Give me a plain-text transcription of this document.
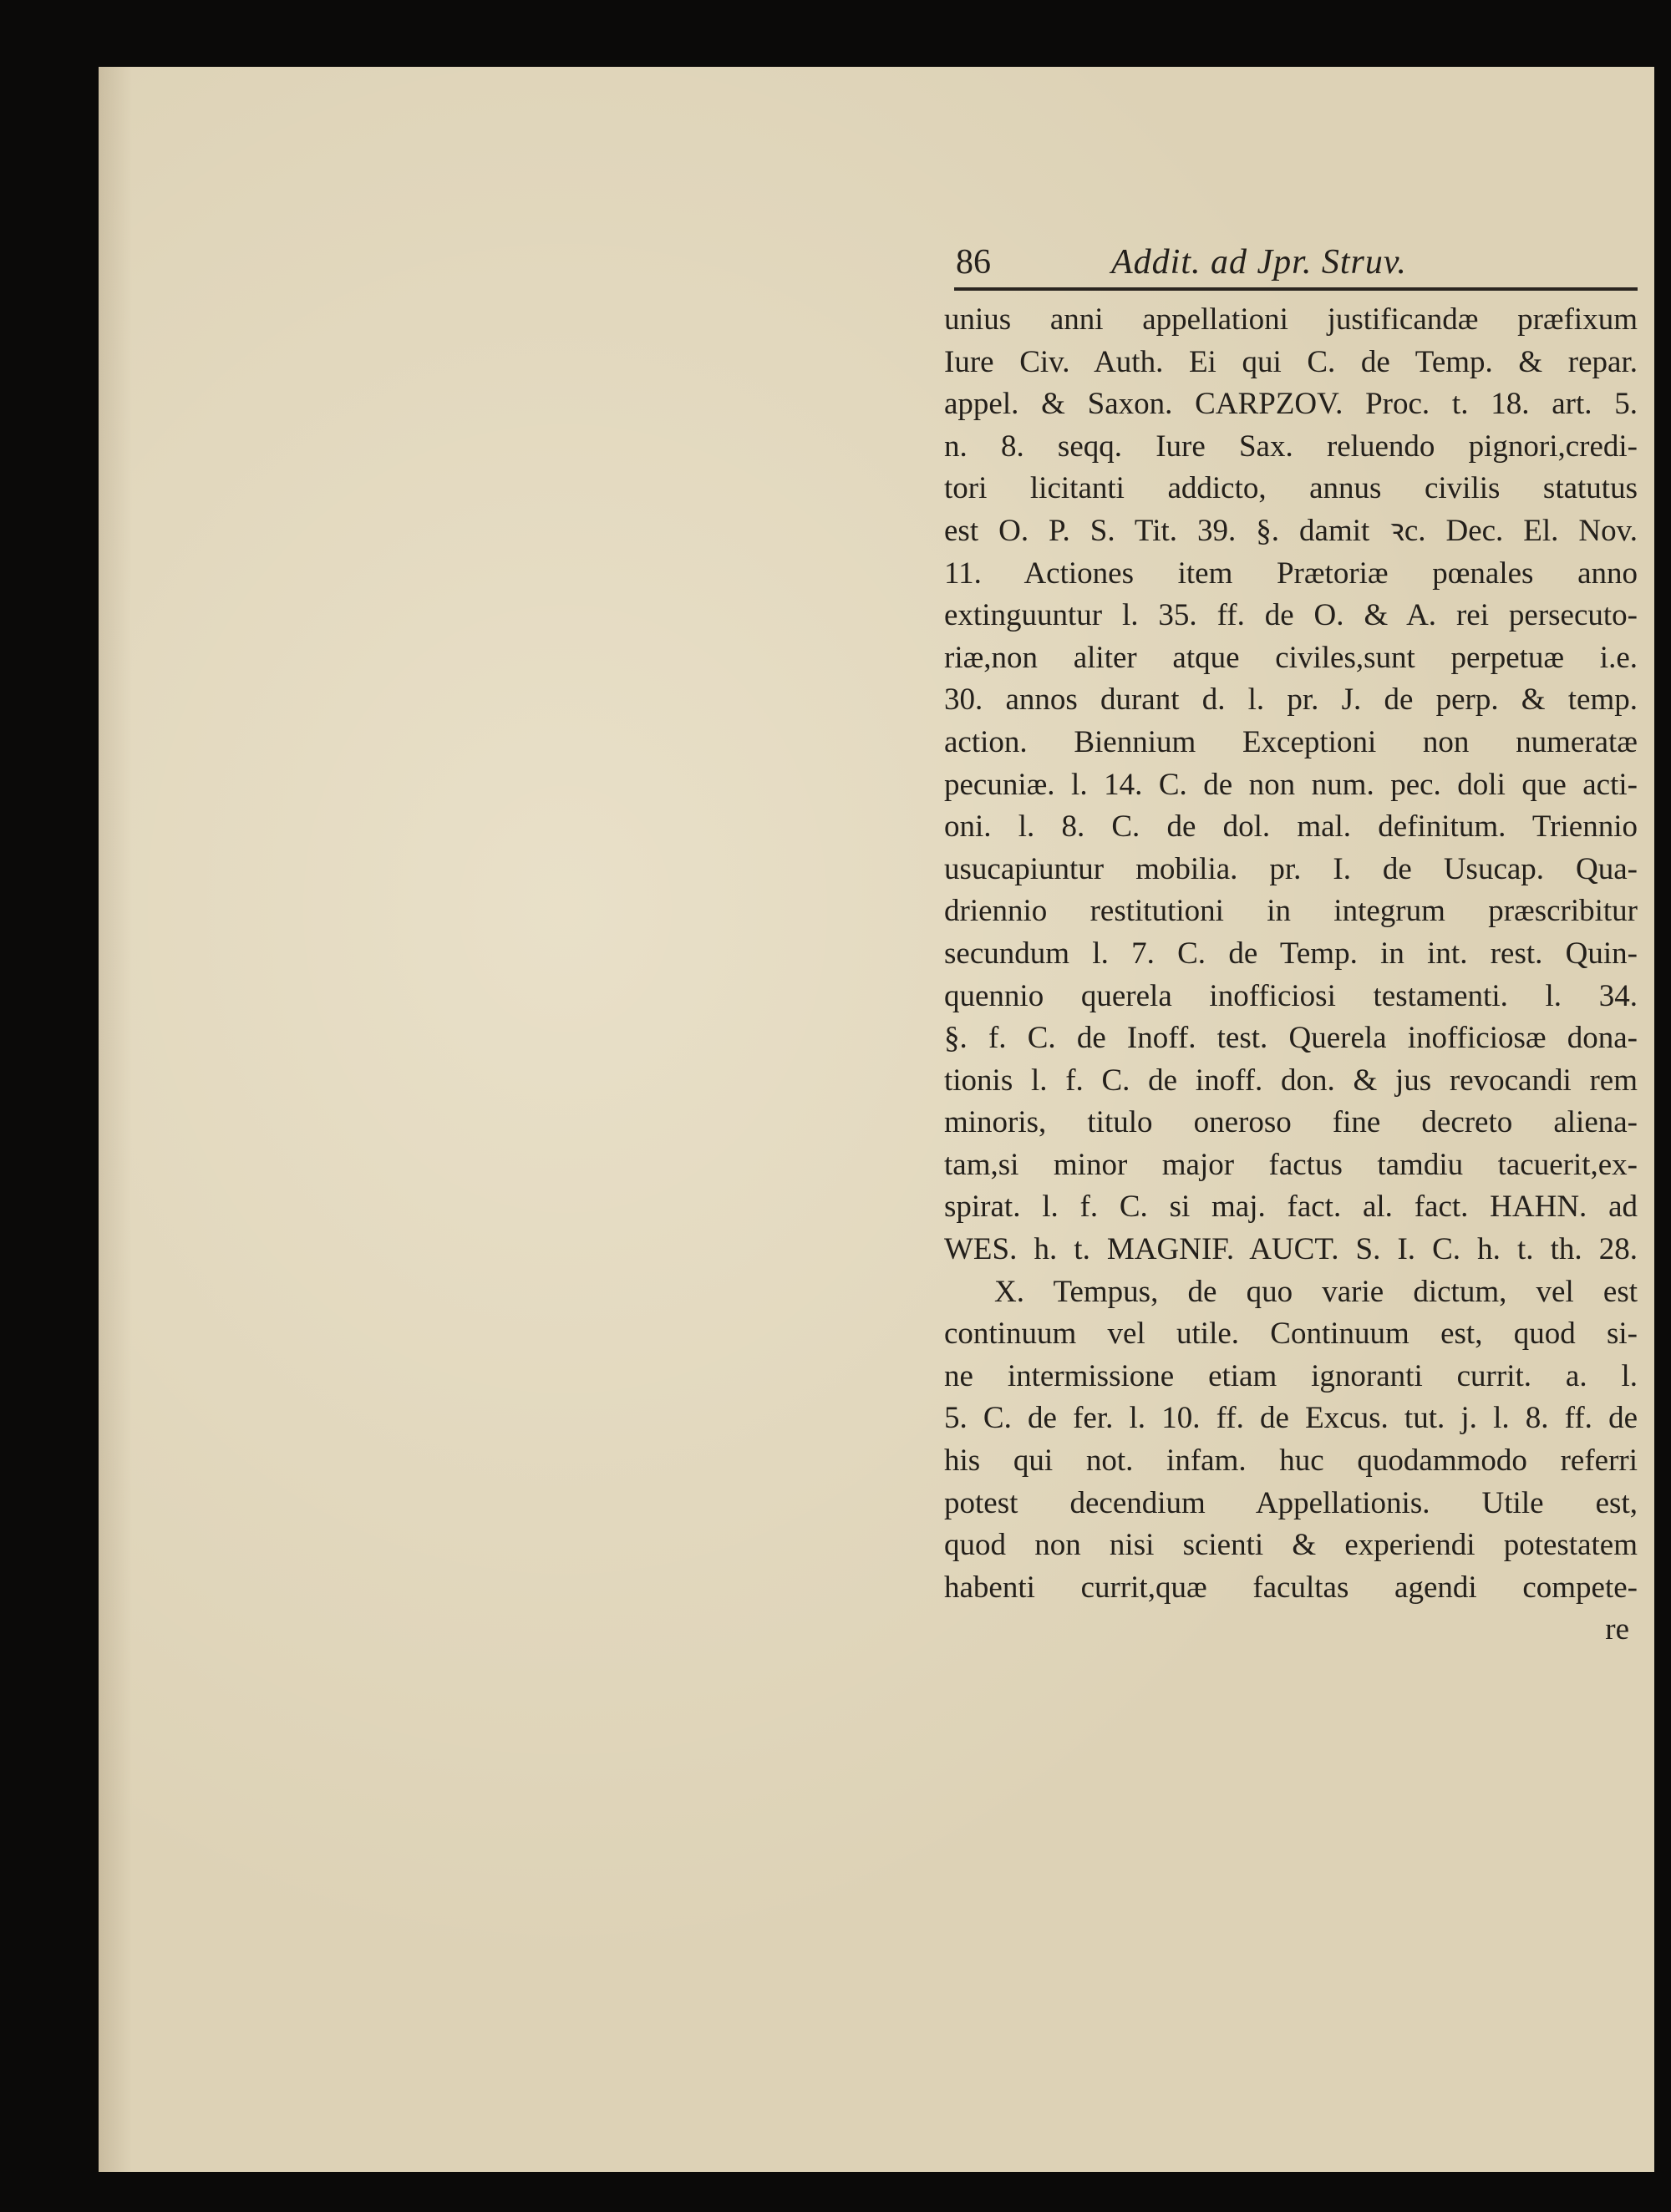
86	Addit. ad Jpr. Struv.
unius anni appellationi justificandæ præfixum
Iure Civ. Auth. Ei qui C. de Temp. & repar.
appel. & Saxon. CARPZOV. Proc. t. 18. art. 5.
n. 8. seqq. Iure Sax. reluendo pignori,credi-
tori licitanti addicto, annus civilis statutus
est O. P. S. Tit. 39. §. damit ꝛc. Dec. El. Nov.
11. Actiones item Prætoriæ pœnales anno
extinguuntur l. 35. ff. de O. & A. rei persecuto-
riæ,non aliter atque civiles,sunt perpetuæ i.e.
30. annos durant d. l. pr. J. de perp. & temp.
action. Biennium Exceptioni non numeratæ
pecuniæ. l. 14. C. de non num. pec. doli que acti-
oni. l. 8. C. de dol. mal. definitum. Triennio
usucapiuntur mobilia. pr. I. de Usucap. Qua-
driennio restitutioni in integrum præscribitur
secundum l. 7. C. de Temp. in int. rest. Quin-
quennio querela inofficiosi testamenti. l. 34.
§. f. C. de Inoff. test. Querela inofficiosæ dona-
tionis l. f. C. de inoff. don. & jus revocandi rem
minoris, titulo oneroso fine decreto aliena-
tam,si minor major factus tamdiu tacuerit,ex-
spirat. l. f. C. si maj. fact. al. fact. HAHN. ad
WES. h. t. MAGNIF. AUCT. S. I. C. h. t. th. 28.
X. Tempus, de quo varie dictum, vel est
continuum vel utile. Continuum est, quod si-
ne intermissione etiam ignoranti currit. a. l.
5. C. de fer. l. 10. ff. de Excus. tut. j. l. 8. ff. de
his qui not. infam. huc quodammodo referri
potest decendium Appellationis. Utile est,
quod non nisi scienti & experiendi potestatem
habenti currit,quæ facultas agendi compete-
re
